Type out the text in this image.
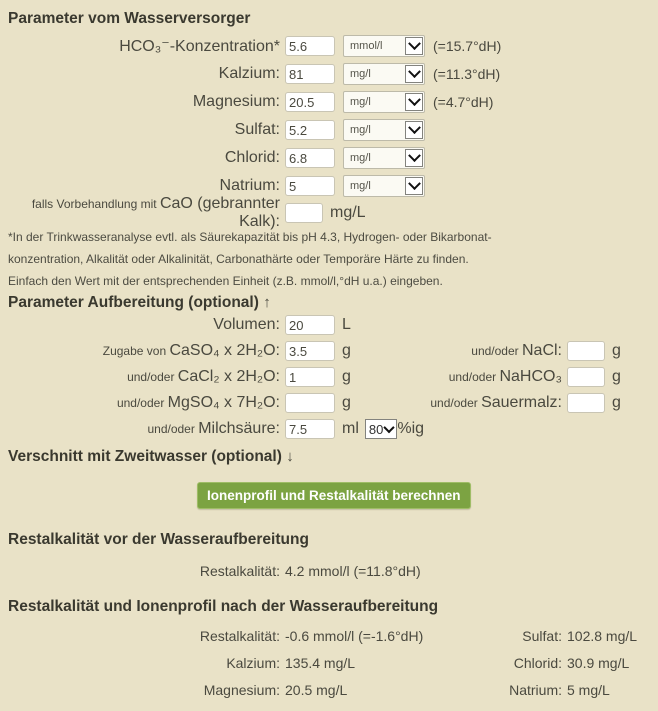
Parameter vom Wasserversorger
HCO₃⁻-Konzentration*
5.6	mmol/l	(=15.7°dH)
Kalzium:
81	mg/l	(=11.3°dH)
Magnesium:
20.5	mg/l	(=4.7°dH)
Sulfat:
5.2	mg/l
Chlorid:
6.8	mg/l
Natrium:
5	mg/l
falls Vorbehandlung mit CaO (gebrannter Kalk):
mg/L
*In der Trinkwasseranalyse evtl. als Säurekapazität bis pH 4.3, Hydrogen- oder Bikarbonat-
konzentration, Alkalität oder Alkalinität, Carbonathärte oder Temporäre Härte zu finden.
Einfach den Wert mit der entsprechenden Einheit (z.B. mmol/l,°dH u.a.) eingeben.
Parameter Aufbereitung (optional) ↑
Volumen:
20	L
Zugabe von CaSO₄ x 2H₂O:
3.5	g	und/oder NaCl:	g
und/oder CaCl₂ x 2H₂O:
1	g	und/oder NaHCO₃	g
und/oder MgSO₄ x 7H₂O:	g	und/oder Sauermalz:	g
und/oder Milchsäure:
7.5	ml 80 %ig
Verschnitt mit Zweitwasser (optional) ↓
Ionenprofil und Restalkalität berechnen
Restalkalität vor der Wasseraufbereitung
Restalkalität: 4.2 mmol/l (=11.8°dH)
Restalkalität und Ionenprofil nach der Wasseraufbereitung
Restalkalität: -0.6 mmol/l (=-1.6°dH)	Sulfat: 102.8 mg/L
Kalzium: 135.4 mg/L	Chlorid: 30.9 mg/L
Magnesium: 20.5 mg/L	Natrium: 5 mg/L
